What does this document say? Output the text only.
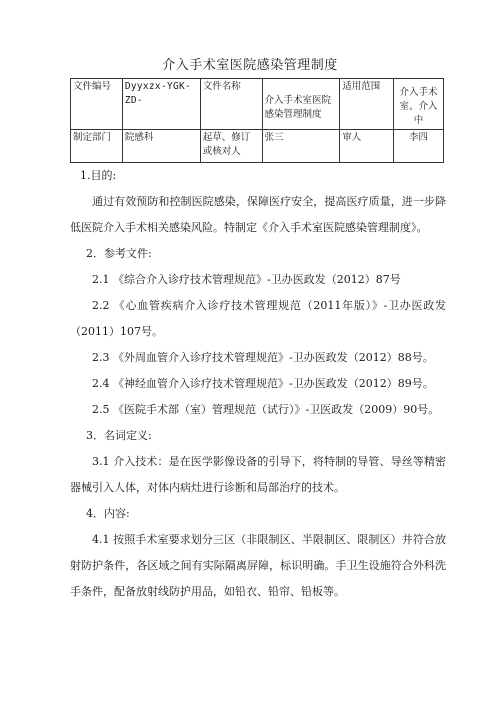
介入手术室医院感染管理制度
文件编号	Dyyxzx-YGK-ZD-	文件名称	介入手术室医院感染管理制度	适用范围	介入手术室、介入中

制定部门	院感科	起草、修订或核对人	张三	审人	李四

1.目的:

通过有效预防和控制医院感染，保障医疗安全，提高医疗质量，进一步降低医院介入手术相关感染风险。特制定《介入手术室医院感染管理制度》。

2．参考文件:

2.1 《综合介入诊疗技术管理规范》-卫办医政发（2012）87号

2.2 《心血管疾病介入诊疗技术管理规范（2011年版）》-卫办医政发（2011）107号。

2.3 《外周血管介入诊疗技术管理规范》-卫办医政发（2012）88号。

2.4 《神经血管介入诊疗技术管理规范》-卫办医政发（2012）89号。

2.5 《医院手术部（室）管理规范（试行）》-卫医政发（2009）90号。

3．名词定义:

3.1 介入技术：是在医学影像设备的引导下，将特制的导管、导丝等精密器械引入人体，对体内病灶进行诊断和局部治疗的技术。

4．内容:

4.1 按照手术室要求划分三区（非限制区、半限制区、限制区）并符合放射防护条件，各区域之间有实际隔离屏障，标识明确。手卫生设施符合外科洗手条件，配备放射线防护用品，如铅衣、铅帘、铅板等。
